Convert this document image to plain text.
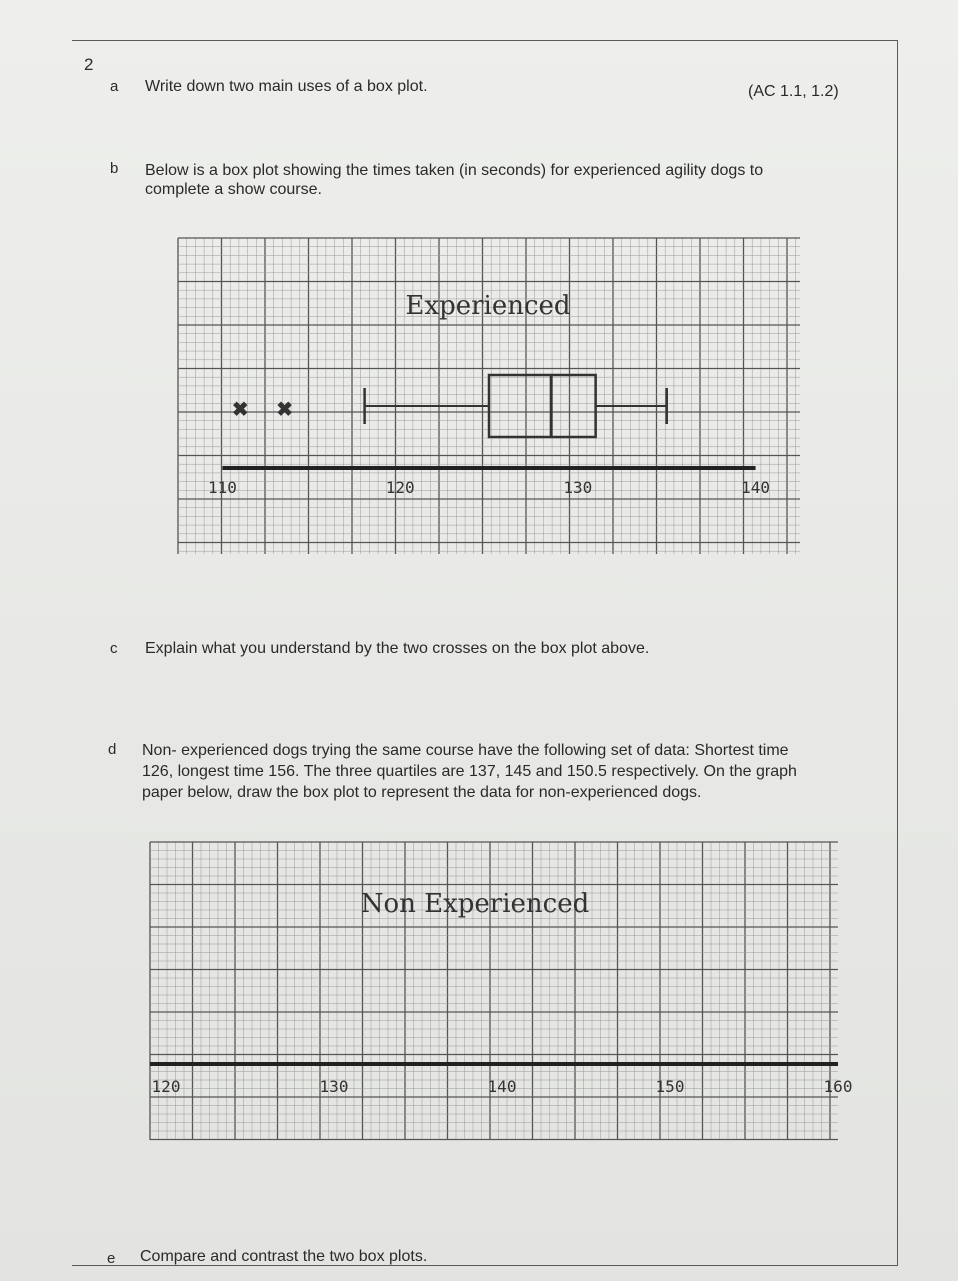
2
a Write down two main uses of a box plot.	(AC 1.1, 1.2)
b Below is a box plot showing the times taken (in seconds) for experienced agility dogs to
complete a show course.
Experienced
✖ ✖
110	120	130	140
c Explain what you understand by the two crosses on the box plot above.
d Non- experienced dogs trying the same course have the following set of data: Shortest time
126, longest time 156. The three quartiles are 137, 145 and 150.5 respectively. On the graph
paper below, draw the box plot to represent the data for non-experienced dogs.
Non Experienced
120	130	140	150	160
e Compare and contrast the two box plots.
